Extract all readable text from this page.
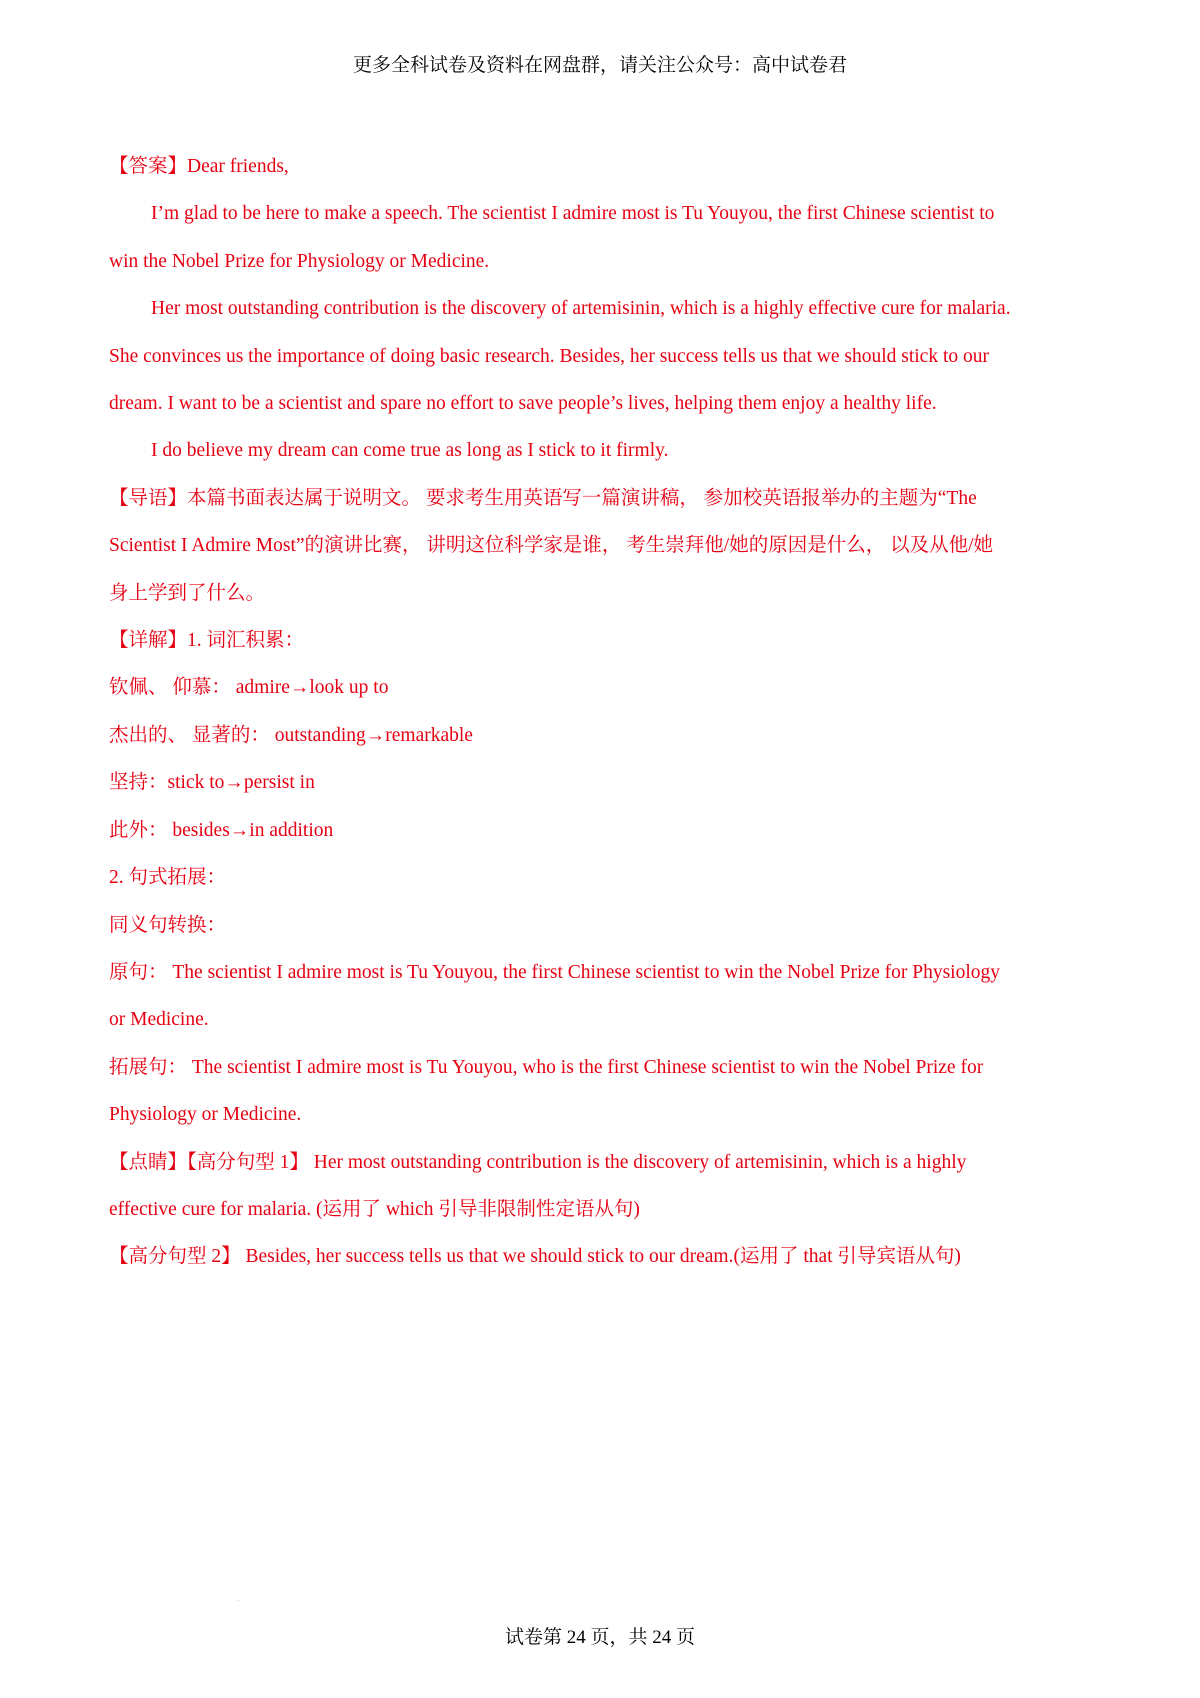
更多全科试卷及资料在网盘群，请关注公众号：高中试卷君

【答案】Dear friends,

I’m glad to be here to make a speech. The scientist I admire most is Tu Youyou, the first Chinese scientist to

win the Nobel Prize for Physiology or Medicine.

Her most outstanding contribution is the discovery of artemisinin, which is a highly effective cure for malaria.

She convinces us the importance of doing basic research. Besides, her success tells us that we should stick to our

dream. I want to be a scientist and spare no effort to save people’s lives, helping them enjoy a healthy life.

I do believe my dream can come true as long as I stick to it firmly.

【导语】本篇书面表达属于说明文。 要求考生用英语写一篇演讲稿， 参加校英语报举办的主题为“The

Scientist I Admire Most”的演讲比赛， 讲明这位科学家是谁， 考生崇拜他/她的原因是什么， 以及从他/她

身上学到了什么。

【详解】1. 词汇积累：

钦佩、 仰慕： admire→look up to

杰出的、 显著的： outstanding→remarkable

坚持：stick to→persist in

此外： besides→in addition

2. 句式拓展：

同义句转换：

原句： The scientist I admire most is Tu Youyou, the first Chinese scientist to win the Nobel Prize for Physiology

or Medicine.

拓展句： The scientist I admire most is Tu Youyou, who is the first Chinese scientist to win the Nobel Prize for

Physiology or Medicine.

【点睛】【高分句型 1】 Her most outstanding contribution is the discovery of artemisinin, which is a highly

effective cure for malaria. (运用了 which 引导非限制性定语从句)

【高分句型 2】 Besides, her success tells us that we should stick to our dream.(运用了 that 引导宾语从句)

试卷第 24 页，共 24 页
